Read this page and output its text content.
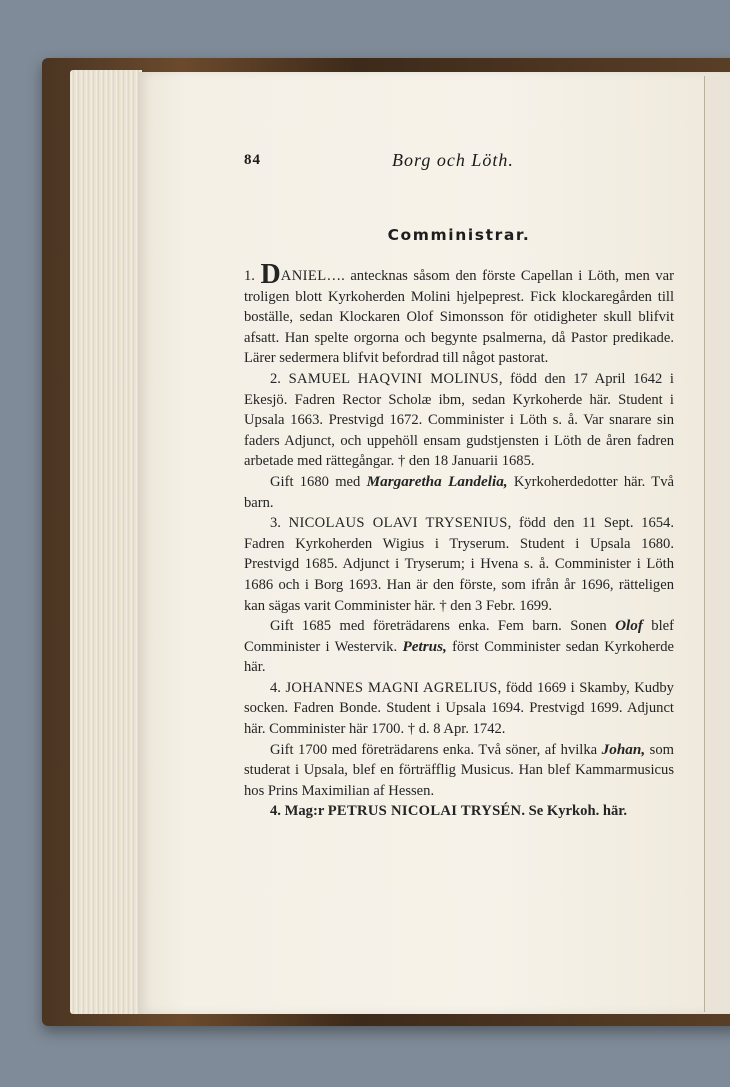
84	Borg och Löth.
Comministrar.

1. DANIEL…. antecknas såsom den förste Capellan i Löth, men var troligen blott Kyrkoherden Molini hjelpeprest. Fick klockaregården till boställe, sedan Klockaren Olof Simonsson för otidigheter skull blifvit afsatt. Han spelte orgorna och begynte psalmerna, då Pastor predikade. Lärer sedermera blifvit befordrad till något pastorat.

2. SAMUEL HAQVINI MOLINUS, född den 17 April 1642 i Ekesjö. Fadren Rector Scholæ ibm, sedan Kyrkoherde här. Student i Upsala 1663. Prestvigd 1672. Comminister i Löth s. å. Var snarare sin faders Adjunct, och uppehöll ensam gudstjensten i Löth de åren fadren arbetade med rättegångar. † den 18 Januarii 1685.

Gift 1680 med Margaretha Landelia, Kyrkoherdedotter här. Två barn.

3. NICOLAUS OLAVI TRYSENIUS, född den 11 Sept. 1654. Fadren Kyrkoherden Wigius i Tryserum. Student i Upsala 1680. Prestvigd 1685. Adjunct i Tryserum; i Hvena s. å. Comminister i Löth 1686 och i Borg 1693. Han är den förste, som ifrån år 1696, rätteligen kan sägas varit Comminister här. † den 3 Febr. 1699.

Gift 1685 med företrädarens enka. Fem barn. Sonen Olof blef Comminister i Westervik. Petrus, först Comminister sedan Kyrkoherde här.

4. JOHANNES MAGNI AGRELIUS, född 1669 i Skamby, Kudby socken. Fadren Bonde. Student i Upsala 1694. Prestvigd 1699. Adjunct här. Comminister här 1700. † d. 8 Apr. 1742.

Gift 1700 med företrädarens enka. Två söner, af hvilka Johan, som studerat i Upsala, blef en förträfflig Musicus. Han blef Kammarmusicus hos Prins Maximilian af Hessen.

4. Mag:r PETRUS NICOLAI TRYSÉN. Se Kyrkoh. här.
